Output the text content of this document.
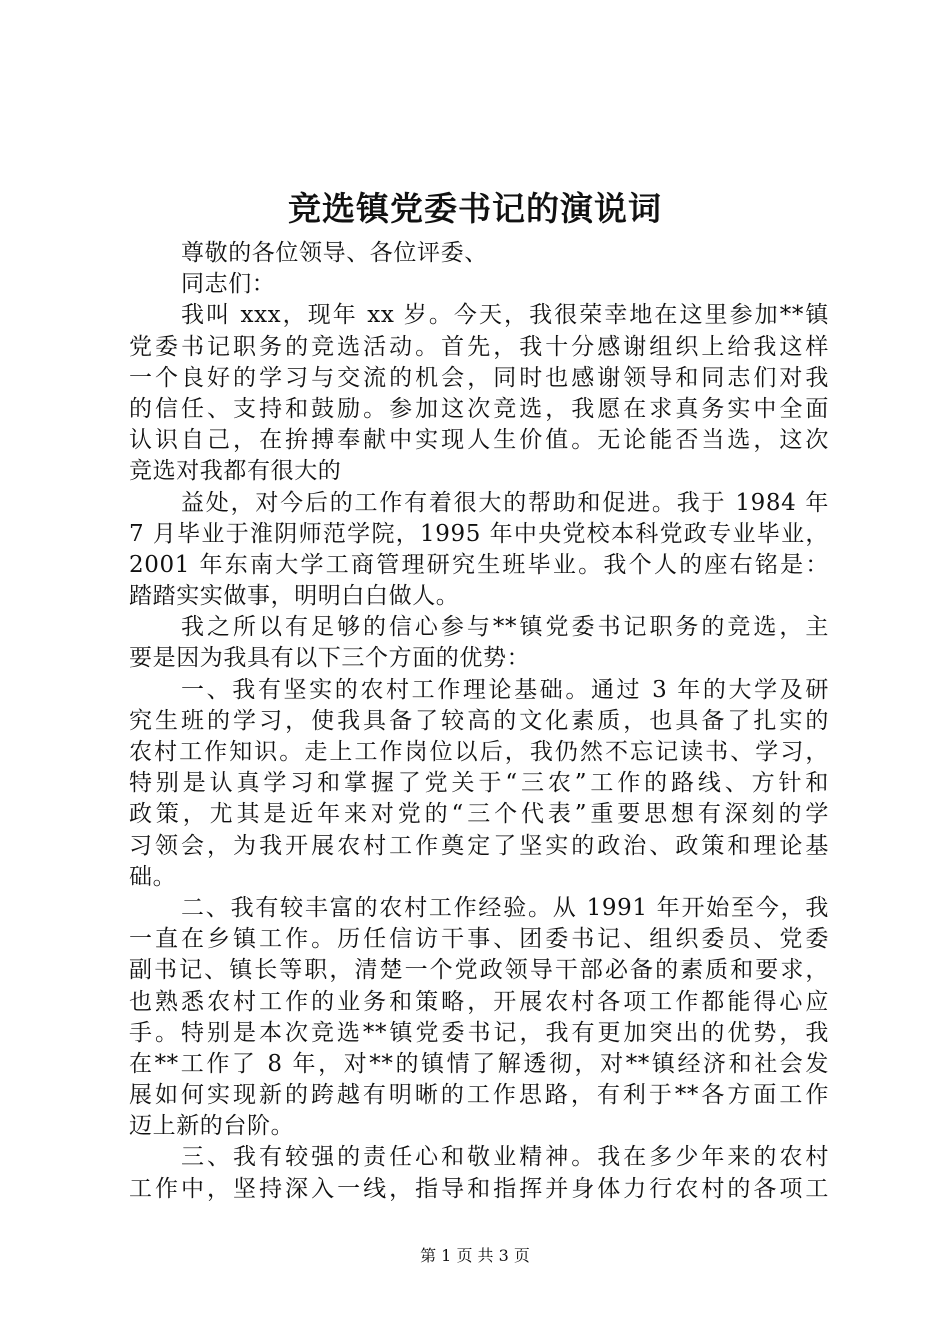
竞选镇党委书记的演说词
尊敬的各位领导、各位评委、
同志们：
我叫 xxx，现年 xx 岁。今天，我很荣幸地在这里参加**镇
党委书记职务的竞选活动。首先，我十分感谢组织上给我这样
一个良好的学习与交流的机会，同时也感谢领导和同志们对我
的信任、支持和鼓励。参加这次竞选，我愿在求真务实中全面
认识自己，在拚搏奉献中实现人生价值。无论能否当选，这次
竞选对我都有很大的
益处，对今后的工作有着很大的帮助和促进。我于 1984 年
7 月毕业于淮阴师范学院，1995 年中央党校本科党政专业毕业，
2001 年东南大学工商管理研究生班毕业。我个人的座右铭是：
踏踏实实做事，明明白白做人。
我之所以有足够的信心参与**镇党委书记职务的竞选，主
要是因为我具有以下三个方面的优势：
一、我有坚实的农村工作理论基础。通过 3 年的大学及研
究生班的学习，使我具备了较高的文化素质，也具备了扎实的
农村工作知识。走上工作岗位以后，我仍然不忘记读书、学习，
特别是认真学习和掌握了党关于“三农”工作的路线、方针和
政策，尤其是近年来对党的“三个代表”重要思想有深刻的学
习领会，为我开展农村工作奠定了坚实的政治、政策和理论基
础。
二、我有较丰富的农村工作经验。从 1991 年开始至今，我
一直在乡镇工作。历任信访干事、团委书记、组织委员、党委
副书记、镇长等职，清楚一个党政领导干部必备的素质和要求，
也熟悉农村工作的业务和策略，开展农村各项工作都能得心应
手。特别是本次竞选**镇党委书记，我有更加突出的优势，我
在**工作了 8 年，对**的镇情了解透彻，对**镇经济和社会发
展如何实现新的跨越有明晰的工作思路，有利于**各方面工作
迈上新的台阶。
三、我有较强的责任心和敬业精神。我在多少年来的农村
工作中，坚持深入一线，指导和指挥并身体力行农村的各项工
第 1 页 共 3 页
